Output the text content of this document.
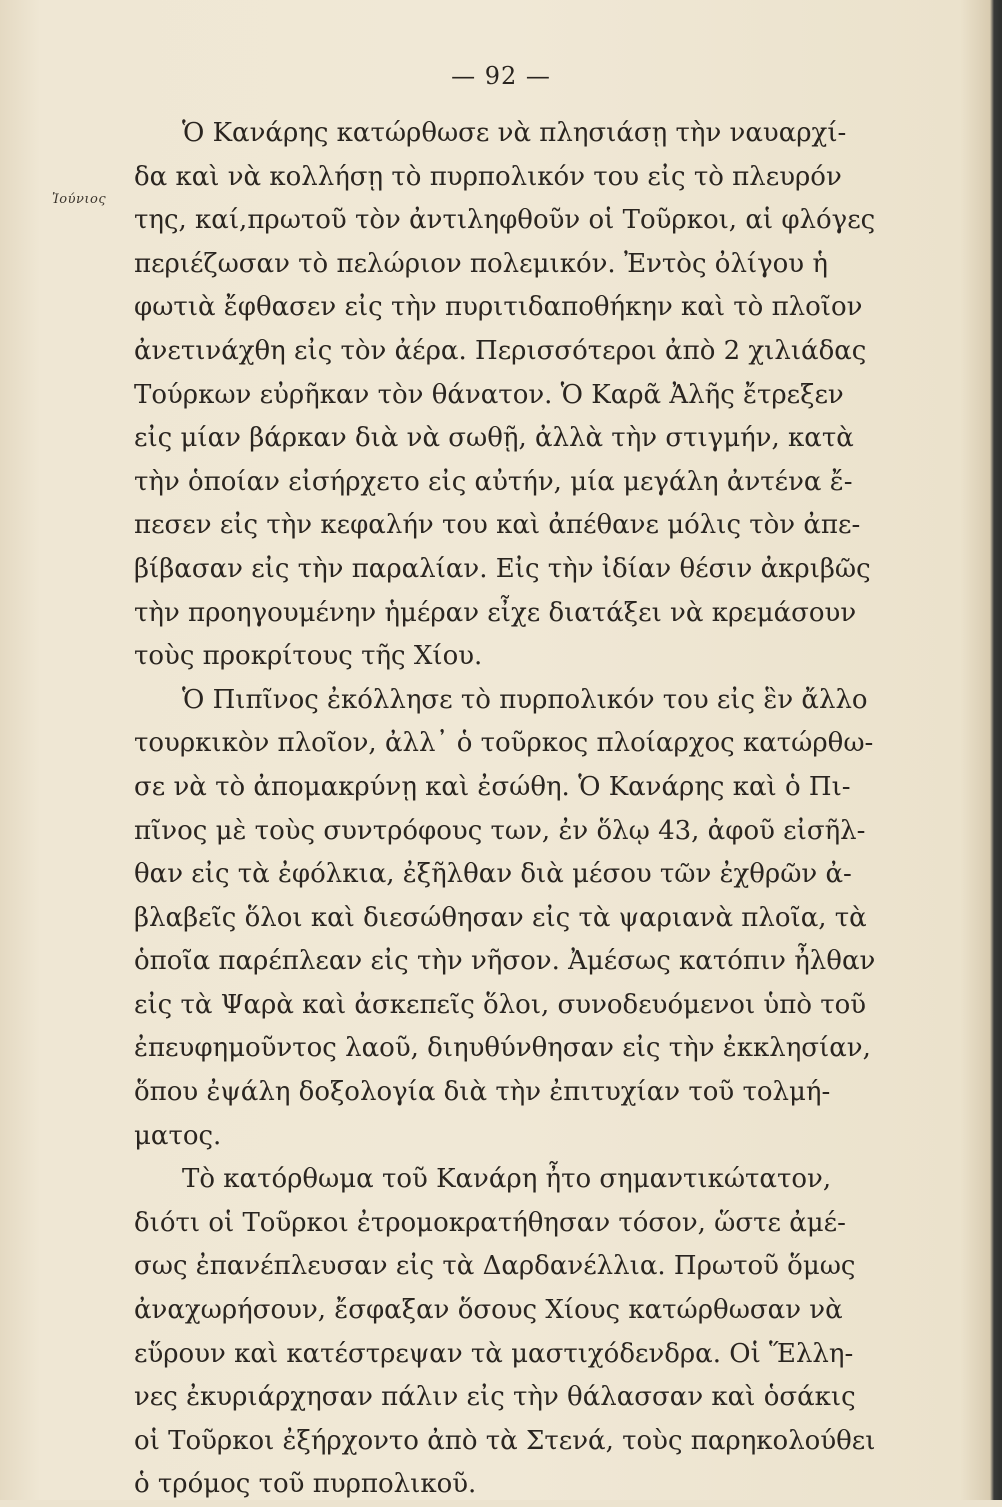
— 92 —
Ἰούνιος
Ὁ Κανάρης κατώρθωσε νὰ πλησιάσῃ τὴν ναυαρχί-
δα καὶ νὰ κολλήσῃ τὸ πυρπολικόν του εἰς τὸ πλευρόν
της, καί,πρωτοῦ τὸν ἀντιληφθοῦν οἱ Τοῦρκοι, αἱ φλόγες
περιέζωσαν τὸ πελώριον πολεμικόν. Ἐντὸς ὀλίγου ἡ
φωτιὰ ἔφθασεν εἰς τὴν πυριτιδαποθήκην καὶ τὸ πλοῖον
ἀνετινάχθη εἰς τὸν ἀέρα. Περισσότεροι ἀπὸ 2 χιλιάδας
Τούρκων εὐρῆκαν τὸν θάνατον. Ὁ Καρᾶ Ἀλῆς ἔτρεξεν
εἰς μίαν βάρκαν διὰ νὰ σωθῇ, ἀλλὰ τὴν στιγμήν, κατὰ
τὴν ὁποίαν εἰσήρχετο εἰς αὐτήν, μία μεγάλη ἀντένα ἔ-
πεσεν εἰς τὴν κεφαλήν του καὶ ἀπέθανε μόλις τὸν ἀπε-
βίβασαν εἰς τὴν παραλίαν. Εἰς τὴν ἰδίαν θέσιν ἀκριβῶς
τὴν προηγουμένην ἡμέραν εἶχε διατάξει νὰ κρεμάσουν
τοὺς προκρίτους τῆς Χίου.
Ὁ Πιπῖνος ἐκόλλησε τὸ πυρπολικόν του εἰς ἓν ἄλλο
τουρκικὸν πλοῖον, ἀλλ᾿ ὁ τοῦρκος πλοίαρχος κατώρθω-
σε νὰ τὸ ἀπομακρύνῃ καὶ ἐσώθη. Ὁ Κανάρης καὶ ὁ Πι-
πῖνος μὲ τοὺς συντρόφους των, ἐν ὅλῳ 43, ἀφοῦ εἰσῆλ-
θαν εἰς τὰ ἐφόλκια, ἐξῆλθαν διὰ μέσου τῶν ἐχθρῶν ἀ-
βλαβεῖς ὅλοι καὶ διεσώθησαν εἰς τὰ ψαριανὰ πλοῖα, τὰ
ὁποῖα παρέπλεαν εἰς τὴν νῆσον. Ἀμέσως κατόπιν ἦλθαν
εἰς τὰ Ψαρὰ καὶ ἀσκεπεῖς ὅλοι, συνοδευόμενοι ὑπὸ τοῦ
ἐπευφημοῦντος λαοῦ, διηυθύνθησαν εἰς τὴν ἐκκλησίαν,
ὅπου ἐψάλη δοξολογία διὰ τὴν ἐπιτυχίαν τοῦ τολμή-
ματος.
Τὸ κατόρθωμα τοῦ Κανάρη ἦτο σημαντικώτατον,
διότι οἱ Τοῦρκοι ἐτρομοκρατήθησαν τόσον, ὥστε ἀμέ-
σως ἐπανέπλευσαν εἰς τὰ Δαρδανέλλια. Πρωτοῦ ὅμως
ἀναχωρήσουν, ἔσφαξαν ὅσους Χίους κατώρθωσαν νὰ
εὕρουν καὶ κατέστρεψαν τὰ μαστιχόδενδρα. Οἱ Ἕλλη-
νες ἐκυριάρχησαν πάλιν εἰς τὴν θάλασσαν καὶ ὁσάκις
οἱ Τοῦρκοι ἐξήρχοντο ἀπὸ τὰ Στενά, τοὺς παρηκολούθει
ὁ τρόμος τοῦ πυρπολικοῦ.
